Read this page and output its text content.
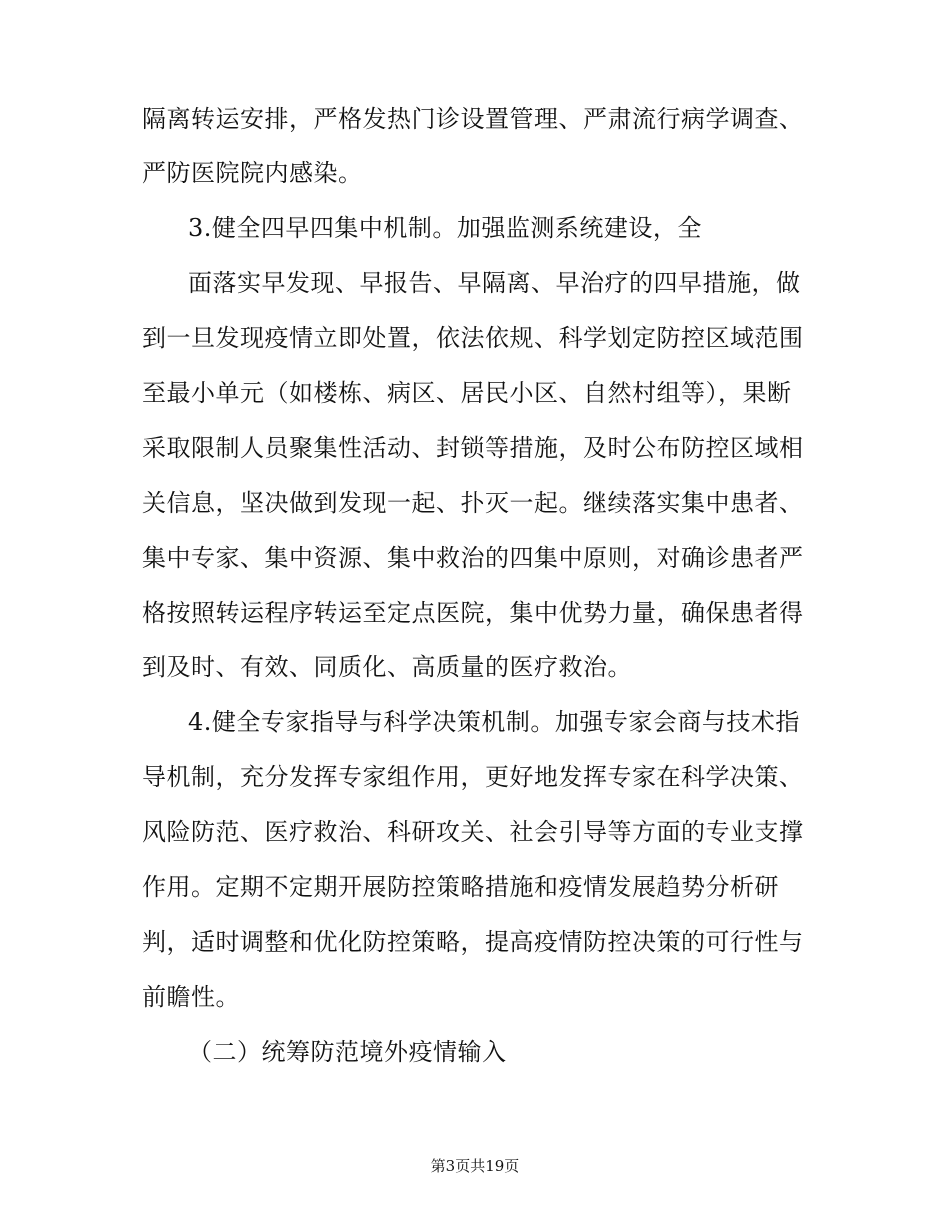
隔离转运安排，严格发热门诊设置管理、严肃流行病学调查、
严防医院院内感染。
3.健全四早四集中机制。加强监测系统建设，全
面落实早发现、早报告、早隔离、早治疗的四早措施，做
到一旦发现疫情立即处置，依法依规、科学划定防控区域范围
至最小单元（如楼栋、病区、居民小区、自然村组等），果断
采取限制人员聚集性活动、封锁等措施，及时公布防控区域相
关信息，坚决做到发现一起、扑灭一起。继续落实集中患者、
集中专家、集中资源、集中救治的四集中原则，对确诊患者严
格按照转运程序转运至定点医院，集中优势力量，确保患者得
到及时、有效、同质化、高质量的医疗救治。
4.健全专家指导与科学决策机制。加强专家会商与技术指
导机制，充分发挥专家组作用，更好地发挥专家在科学决策、
风险防范、医疗救治、科研攻关、社会引导等方面的专业支撑
作用。定期不定期开展防控策略措施和疫情发展趋势分析研
判，适时调整和优化防控策略，提高疫情防控决策的可行性与
前瞻性。
（二）统筹防范境外疫情输入
第3页共19页
